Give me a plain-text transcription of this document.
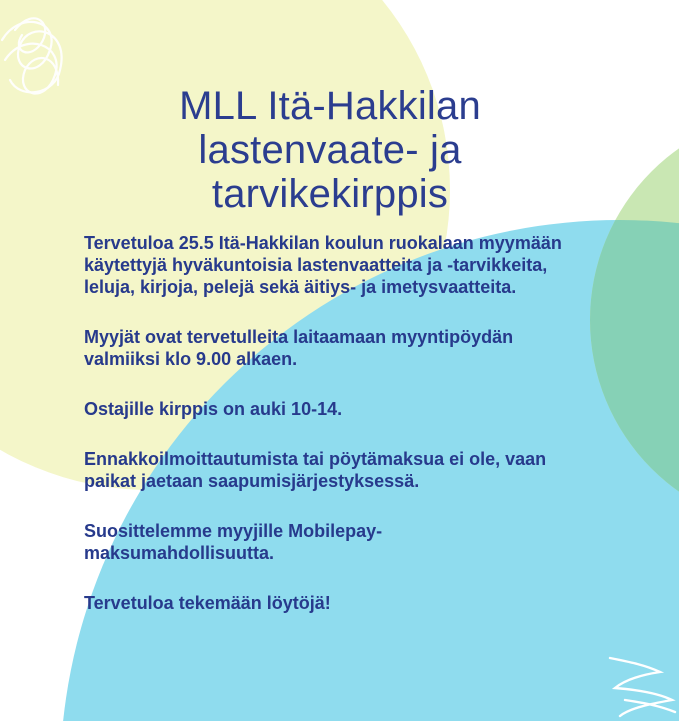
MLL Itä-Hakkilan
lastenvaate- ja
tarvikekirppis

Tervetuloa 25.5 Itä-Hakkilan koulun ruokalaan myymään käytettyjä hyväkuntoisia lastenvaatteita ja -tarvikkeita, leluja, kirjoja, pelejä sekä äitiys- ja imetysvaatteita.

Myyjät ovat tervetulleita laitaamaan myyntipöydän valmiiksi klo 9.00 alkaen.

Ostajille kirppis on auki 10-14.

Ennakkoilmoittautumista tai pöytämaksua ei ole, vaan paikat jaetaan saapumisjärjestyksessä.

Suosittelemme myyjille Mobilepay-maksumahdollisuutta.

Tervetuloa tekemään löytöjä!
